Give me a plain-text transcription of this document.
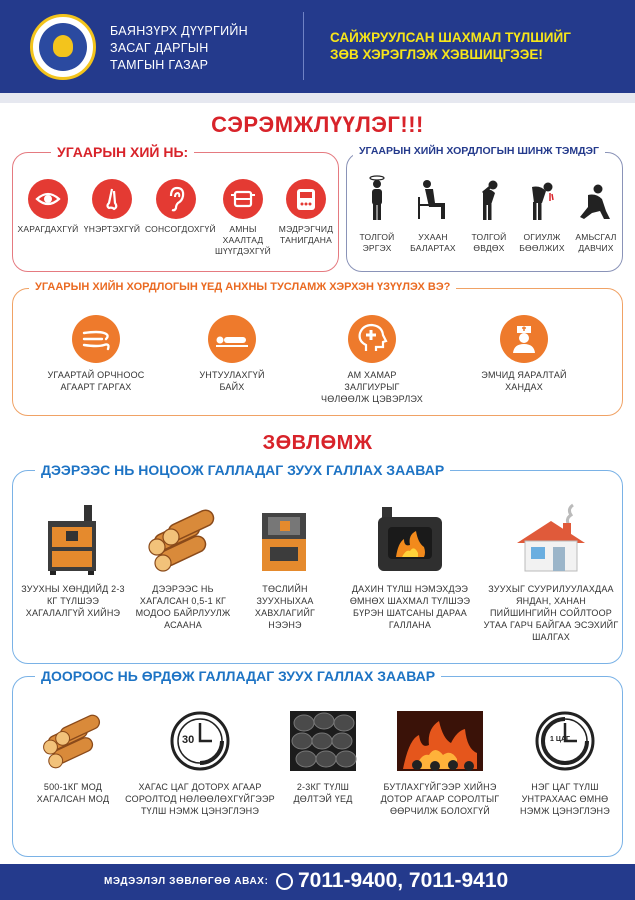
БАЯНЗҮРХ ДҮҮРГИЙН
ЗАСАГ ДАРГЫН
ТАМГЫН ГАЗАР
САЙЖРУУЛСАН ШАХМАЛ ТҮЛШИЙГ
ЗӨВ ХЭРЭГЛЭЖ ХЭВШИЦГЭЭЕ!
СЭРЭМЖЛҮҮЛЭГ!!!
УГААРЫН ХИЙ НЬ:
ХАРАГДАХГҮЙ ҮНЭРТЭХГҮЙ СОНСОГДОХГҮЙ	АМНЫ ХААЛТАД ШҮҮГДЭХГҮЙ
МЭДРЭГЧИД ТАНИГДАНА
УГААРЫН ХИЙН ХОРДЛОГЫН ШИНЖ ТЭМДЭГ
ТОЛГОЙ ЭРГЭХ
УХААН БАЛАРТАХ
ТОЛГОЙ ӨВДӨХ
ОГИУЛЖ БӨӨЛЖИХ
АМЬСГАЛ ДАВЧИХ
УГААРЫН ХИЙН ХОРДЛОГЫН ҮЕД АНХНЫ ТУСЛАМЖ ХЭРХЭН ҮЗҮҮЛЭХ ВЭ?
УГААРТАЙ ОРЧНООС АГААРТ ГАРГАХ
УНТУУЛАХГҮЙ БАЙХ
АМ ХАМАР ЗАЛГИУРЫГ ЧӨЛӨӨЛЖ ЦЭВЭРЛЭХ
ЭМЧИД ЯАРАЛТАЙ ХАНДАХ
ЗӨВЛӨМЖ
ДЭЭРЭЭС НЬ НОЦООЖ ГАЛЛАДАГ ЗУУХ ГАЛЛАХ ЗААВАР
ЗУУХНЫ ХӨНДИЙД 2-3 КГ ТҮЛШЭЭ ХАГАЛАЛГҮЙ ХИЙНЭ
ДЭЭРЭЭС НЬ ХАГАЛСАН 0,5-1 КГ МОДОО БАЙРЛУУЛЖ АСААНА
ТӨСЛИЙН ЗУУХНЫХАА ХАВХЛАГИЙГ НЭЭНЭ
ДАХИН ТҮЛШ НЭМЭХДЭЭ ӨМНӨХ ШАХМАЛ ТҮЛШЭЭ БҮРЭН ШАТСАНЫ ДАРАА ГАЛЛАНА
ЗУУХЫГ СУУРИЛУУЛАХДАА ЯНДАН, ХАНАН ПИЙШИНГИЙН СОЙЛТООР УТАА ГАРЧ БАЙГАА ЭСЭХИЙГ ШАЛГАХ
ДООРООС НЬ ӨРДӨЖ ГАЛЛАДАГ ЗУУХ ГАЛЛАХ ЗААВАР
500-1КГ МОД ХАГАЛСАН МОД
30
ХАГАС ЦАГ ДОТОРХ АГААР СОРОЛТОД НӨЛӨӨЛӨХГҮЙГЭЭР ТҮЛШ НЭМЖ ЦЭНЭГЛЭНЭ
2-3КГ ТҮЛШ ДӨЛТЭЙ ҮЕД
БУТЛАХГҮЙГЭЭР ХИЙНЭ ДОТОР АГААР СОРОЛТЫГ ӨӨРЧИЛЖ БОЛОХГҮЙ
1 ЦАГ
НЭГ ЦАГ ТҮЛШ УНТРАХААС ӨМНӨ НЭМЖ ЦЭНЭГЛЭНЭ
МЭДЭЭЛЭЛ ЗӨВЛӨГӨӨ АВАХ: 7011-9400, 7011-9410
